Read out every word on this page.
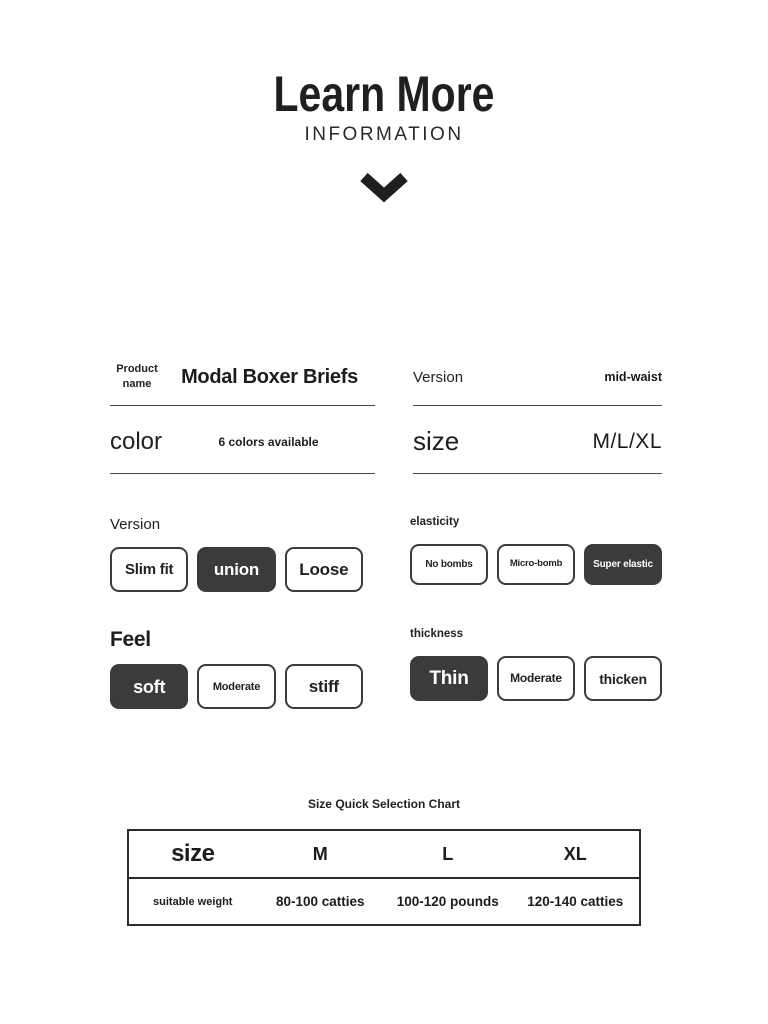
Learn More
INFORMATION
Product name	Modal Boxer Briefs	Version	mid-waist
color	6 colors available	size	M/L/XL
Version
Slim fit	union	Loose
elasticity
No bombs	Micro-bomb	Super elastic
Feel
soft	Moderate	stiff
thickness
Thin	Moderate	thicken
Size Quick Selection Chart
size	M	L	XL
suitable weight	80-100 catties	100-120 pounds	120-140 catties
